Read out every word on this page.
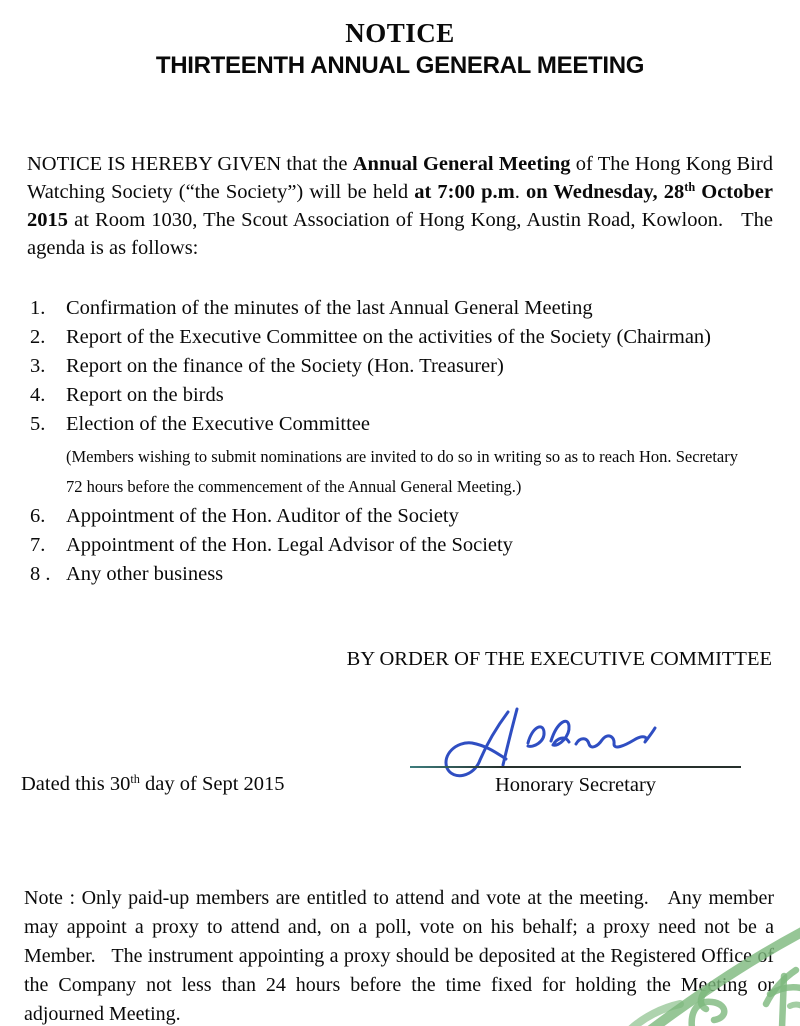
NOTICE
THIRTEENTH ANNUAL GENERAL MEETING
NOTICE IS HEREBY GIVEN that the Annual General Meeting of The Hong Kong Bird Watching Society (“the Society”) will be held at 7:00 p.m. on Wednesday, 28th October 2015 at Room 1030, The Scout Association of Hong Kong, Austin Road, Kowloon.   The agenda is as follows:
1.	Confirmation of the minutes of the last Annual General Meeting
2.	Report of the Executive Committee on the activities of the Society (Chairman)
3.	Report on the finance of the Society (Hon. Treasurer)
4.	Report on the birds
5.	Election of the Executive Committee
(Members wishing to submit nominations are invited to do so in writing so as to reach Hon. Secretary 72 hours before the commencement of the Annual General Meeting.)
6.	Appointment of the Hon. Auditor of the Society
7.	Appointment of the Hon. Legal Advisor of the Society
8 . Any other business
BY ORDER OF THE EXECUTIVE COMMITTEE
Honorary Secretary
Dated this 30th day of Sept 2015
Note : Only paid-up members are entitled to attend and vote at the meeting.   Any member may appoint a proxy to attend and, on a poll, vote on his behalf; a proxy need not be a Member.   The instrument appointing a proxy should be deposited at the Registered Office of the Company not less than 24 hours before the time fixed for holding the Meeting or adjourned Meeting.
